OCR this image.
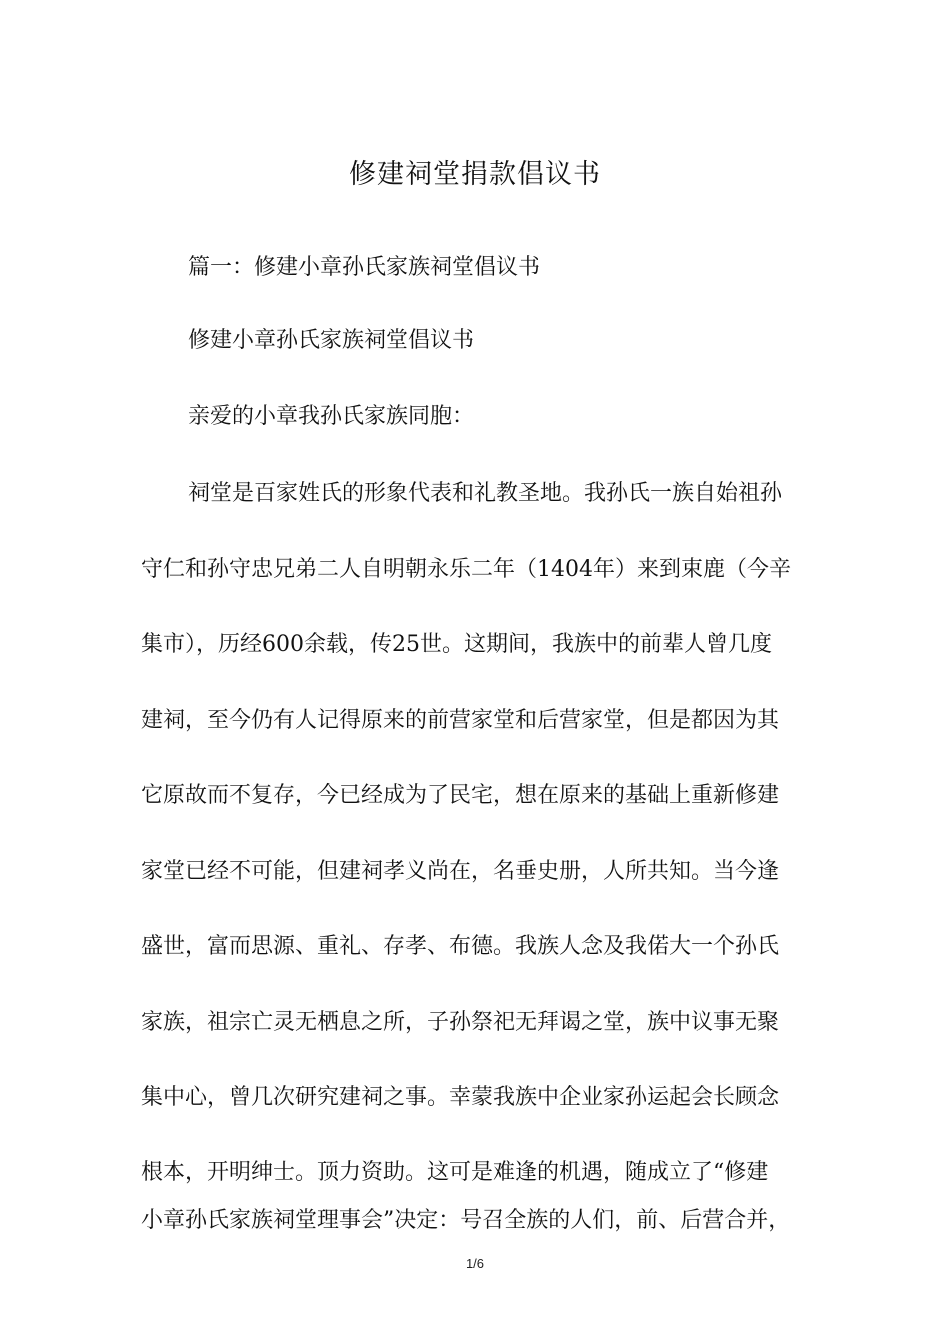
修建祠堂捐款倡议书

篇一：修建小章孙氏家族祠堂倡议书

修建小章孙氏家族祠堂倡议书

亲爱的小章我孙氏家族同胞：

祠堂是百家姓氏的形象代表和礼教圣地。我孙氏一族自始祖孙

守仁和孙守忠兄弟二人自明朝永乐二年（1404年）来到束鹿（今辛

集市），历经600余载，传25世。这期间，我族中的前辈人曾几度

建祠，至今仍有人记得原来的前营家堂和后营家堂，但是都因为其

它原故而不复存，今已经成为了民宅，想在原来的基础上重新修建

家堂已经不可能，但建祠孝义尚在，名垂史册，人所共知。当今逢

盛世，富而思源、重礼、存孝、布德。我族人念及我偌大一个孙氏

家族，祖宗亡灵无栖息之所，子孙祭祀无拜谒之堂，族中议事无聚

集中心，曾几次研究建祠之事。幸蒙我族中企业家孙运起会长顾念

根本，开明绅士。顶力资助。这可是难逢的机遇，随成立了“修建

小章孙氏家族祠堂理事会”决定：号召全族的人们，前、后营合并，

1/6
